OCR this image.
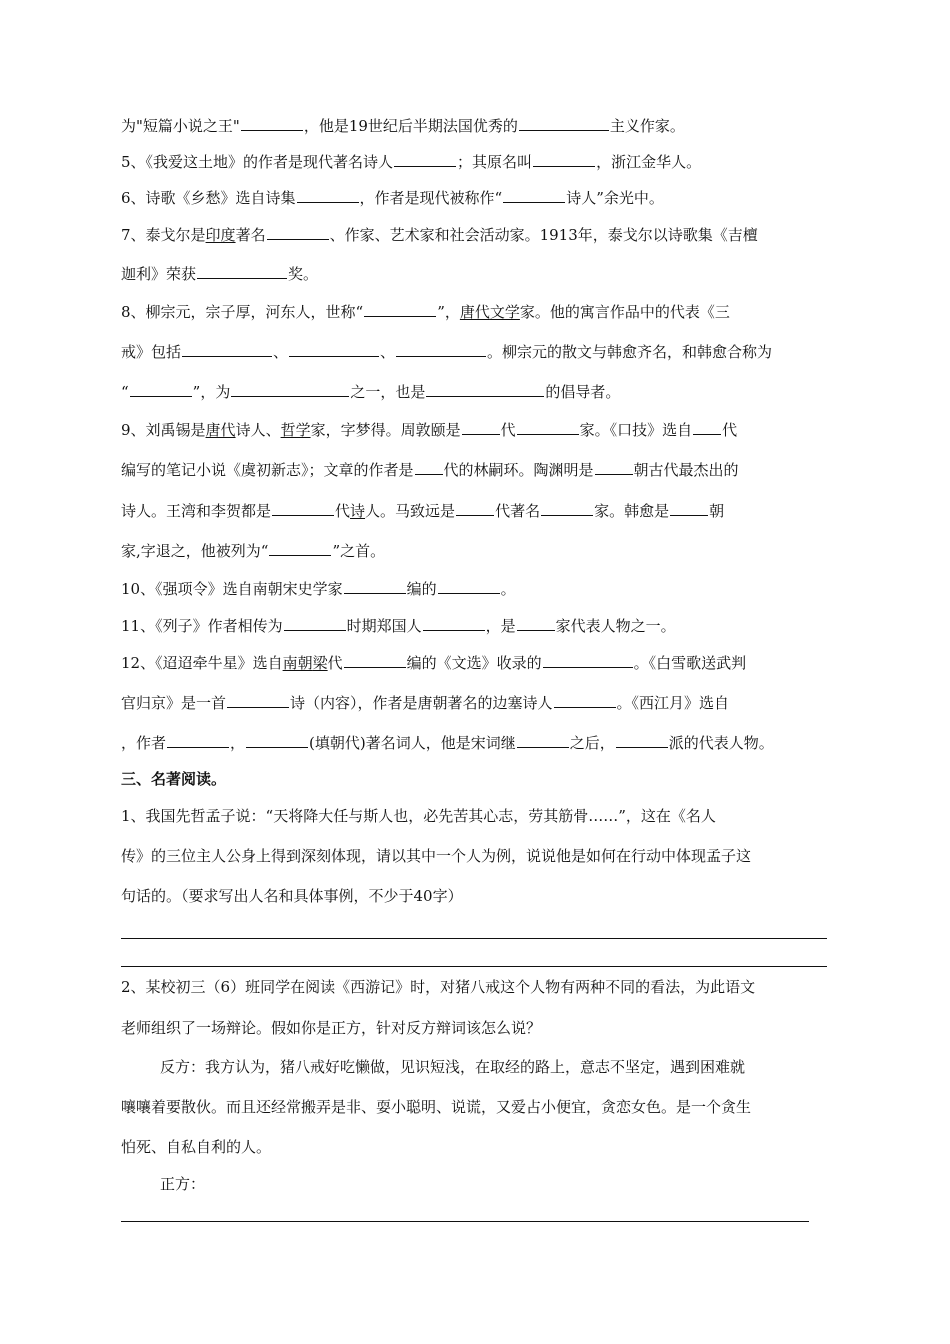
为"短篇小说之王"	，他是19世纪后半期法国优秀的	主义作家。
5、《我爱这土地》的作者是现代著名诗人	；其原名叫	，浙江金华人。
6、诗歌《乡愁》选自诗集	，作者是现代被称作“	诗人”余光中。
7、泰戈尔是印度著名	、作家、艺术家和社会活动家。1913年，泰戈尔以诗歌集《吉檀
迦利》荣获	奖。
8、柳宗元，宗子厚，河东人，世称“	”，唐代文学家。他的寓言作品中的代表《三
戒》包括	、	、	。柳宗元的散文与韩愈齐名，和韩愈合称为
“	”，为	之一，也是	的倡导者。
9、刘禹锡是唐代诗人、哲学家，字梦得。周敦颐是	代	家。《口技》选自 代
编写的笔记小说《虞初新志》；文章的作者是 代的林嗣环。陶渊明是	朝古代最杰出的
诗人。王湾和李贺都是	代诗人。马致远是	代著名	家。韩愈是	朝
家,字退之，他被列为“	”之首。
10、《强项令》选自南朝宋史学家	编的	。
11、《列子》作者相传为	时期郑国人	，是	家代表人物之一。
12、《迢迢牵牛星》选自南朝梁代	编的《文选》收录的	。《白雪歌送武判
官归京》是一首	诗（内容），作者是唐朝著名的边塞诗人	。《西江月》选自
，作者	，	(填朝代)著名词人，他是宋词继	之后，	派的代表人物。
三、名著阅读。
1、我国先哲孟子说：“天将降大任与斯人也，必先苦其心志，劳其筋骨……”，这在《名人
传》的三位主人公身上得到深刻体现，请以其中一个人为例，说说他是如何在行动中体现孟子这
句话的。（要求写出人名和具体事例，不少于40字）
2、某校初三（6）班同学在阅读《西游记》时，对猪八戒这个人物有两种不同的看法，为此语文
老师组织了一场辩论。假如你是正方，针对反方辩词该怎么说？
反方：我方认为，猪八戒好吃懒做，见识短浅，在取经的路上，意志不坚定，遇到困难就
嚷嚷着要散伙。而且还经常搬弄是非、耍小聪明、说谎，又爱占小便宜，贪恋女色。是一个贪生
怕死、自私自利的人。
正方：
